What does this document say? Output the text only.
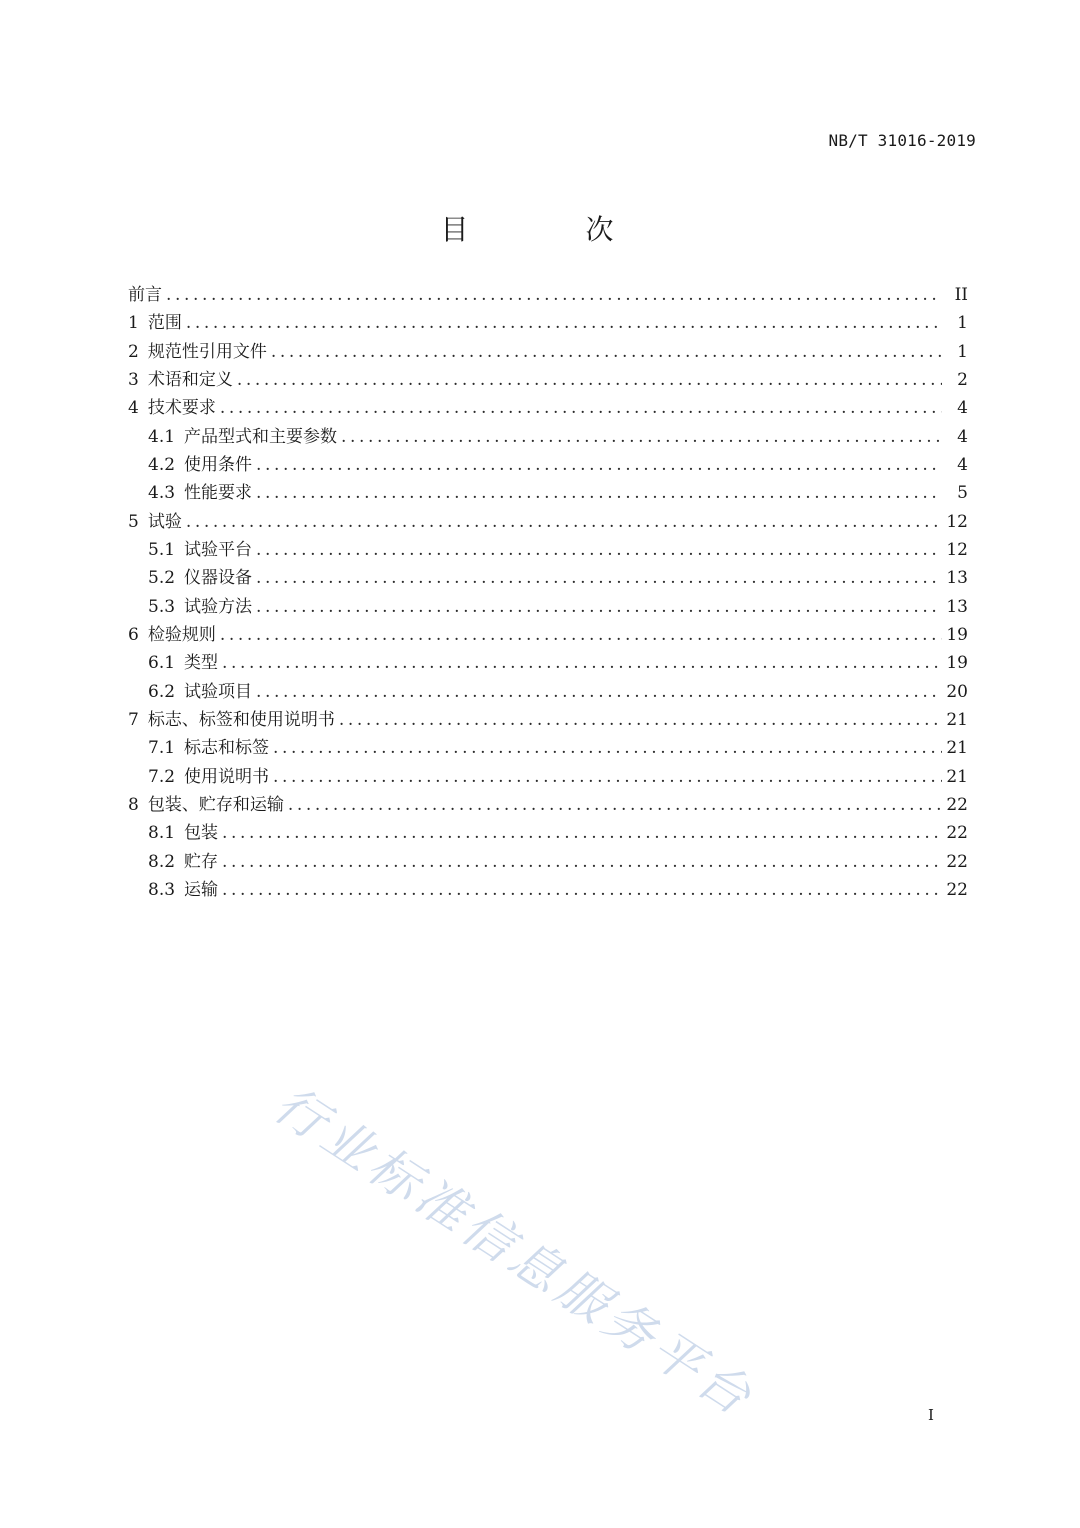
NB/T 31016-2019
目 次
前言 .....	II
1 范围 .....	1
2 规范性引用文件 .....	1
3 术语和定义 .....	2
4 技术要求 .....	4
4.1 产品型式和主要参数 .....	4
4.2 使用条件 .....	4
4.3 性能要求 .....	5
5 试验 .....	12
5.1 试验平台 .....	12
5.2 仪器设备 .....	13
5.3 试验方法 .....	13
6 检验规则 .....	19
6.1 类型 .....	19
6.2 试验项目 .....	20
7 标志、标签和使用说明书 .....	21
7.1 标志和标签 .....	21
7.2 使用说明书 .....	21
8 包装、贮存和运输 .....	22
8.1 包装 .....	22
8.2 贮存 .....	22
8.3 运输 .....	22
行业标准信息服务平台	I
